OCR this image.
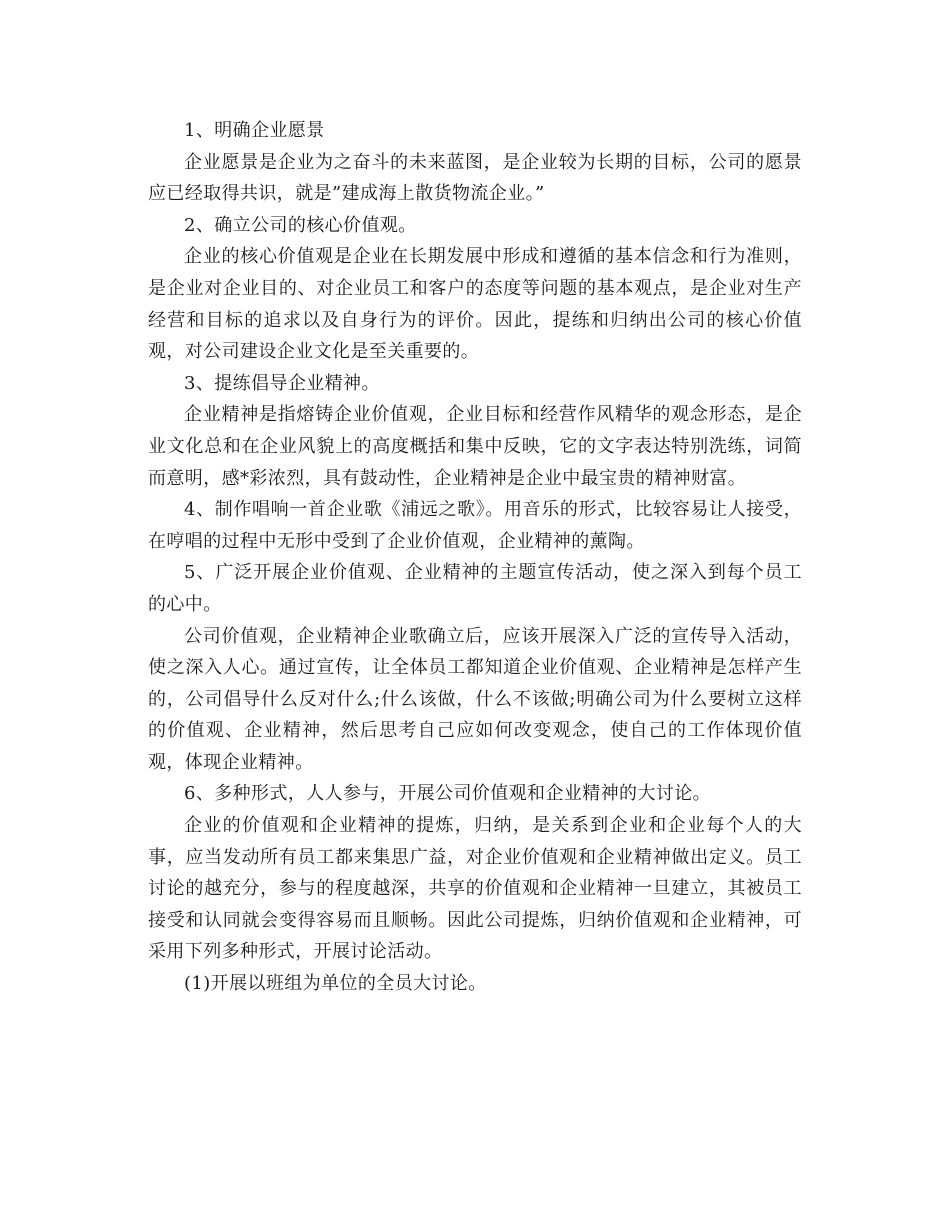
1、明确企业愿景

企业愿景是企业为之奋斗的未来蓝图，是企业较为长期的目标，公司的愿景应已经取得共识，就是”建成海上散货物流企业。”

2、确立公司的核心价值观。

企业的核心价值观是企业在长期发展中形成和遵循的基本信念和行为准则，是企业对企业目的、对企业员工和客户的态度等问题的基本观点，是企业对生产经营和目标的追求以及自身行为的评价。因此，提练和归纳出公司的核心价值观，对公司建设企业文化是至关重要的。

3、提练倡导企业精神。

企业精神是指熔铸企业价值观，企业目标和经营作风精华的观念形态，是企业文化总和在企业风貌上的高度概括和集中反映，它的文字表达特别洗练，词简而意明，感*彩浓烈，具有鼓动性，企业精神是企业中最宝贵的精神财富。

4、制作唱响一首企业歌《浦远之歌》。用音乐的形式，比较容易让人接受，在哼唱的过程中无形中受到了企业价值观，企业精神的薰陶。

5、广泛开展企业价值观、企业精神的主题宣传活动，使之深入到每个员工的心中。

公司价值观，企业精神企业歌确立后，应该开展深入广泛的宣传导入活动，使之深入人心。通过宣传，让全体员工都知道企业价值观、企业精神是怎样产生的，公司倡导什么反对什么;什么该做，什么不该做;明确公司为什么要树立这样的价值观、企业精神，然后思考自己应如何改变观念，使自己的工作体现价值观，体现企业精神。

6、多种形式，人人参与，开展公司价值观和企业精神的大讨论。

企业的价值观和企业精神的提炼，归纳，是关系到企业和企业每个人的大事，应当发动所有员工都来集思广益，对企业价值观和企业精神做出定义。员工讨论的越充分，参与的程度越深，共享的价值观和企业精神一旦建立，其被员工接受和认同就会变得容易而且顺畅。因此公司提炼，归纳价值观和企业精神，可采用下列多种形式，开展讨论活动。

(1)开展以班组为单位的全员大讨论。
